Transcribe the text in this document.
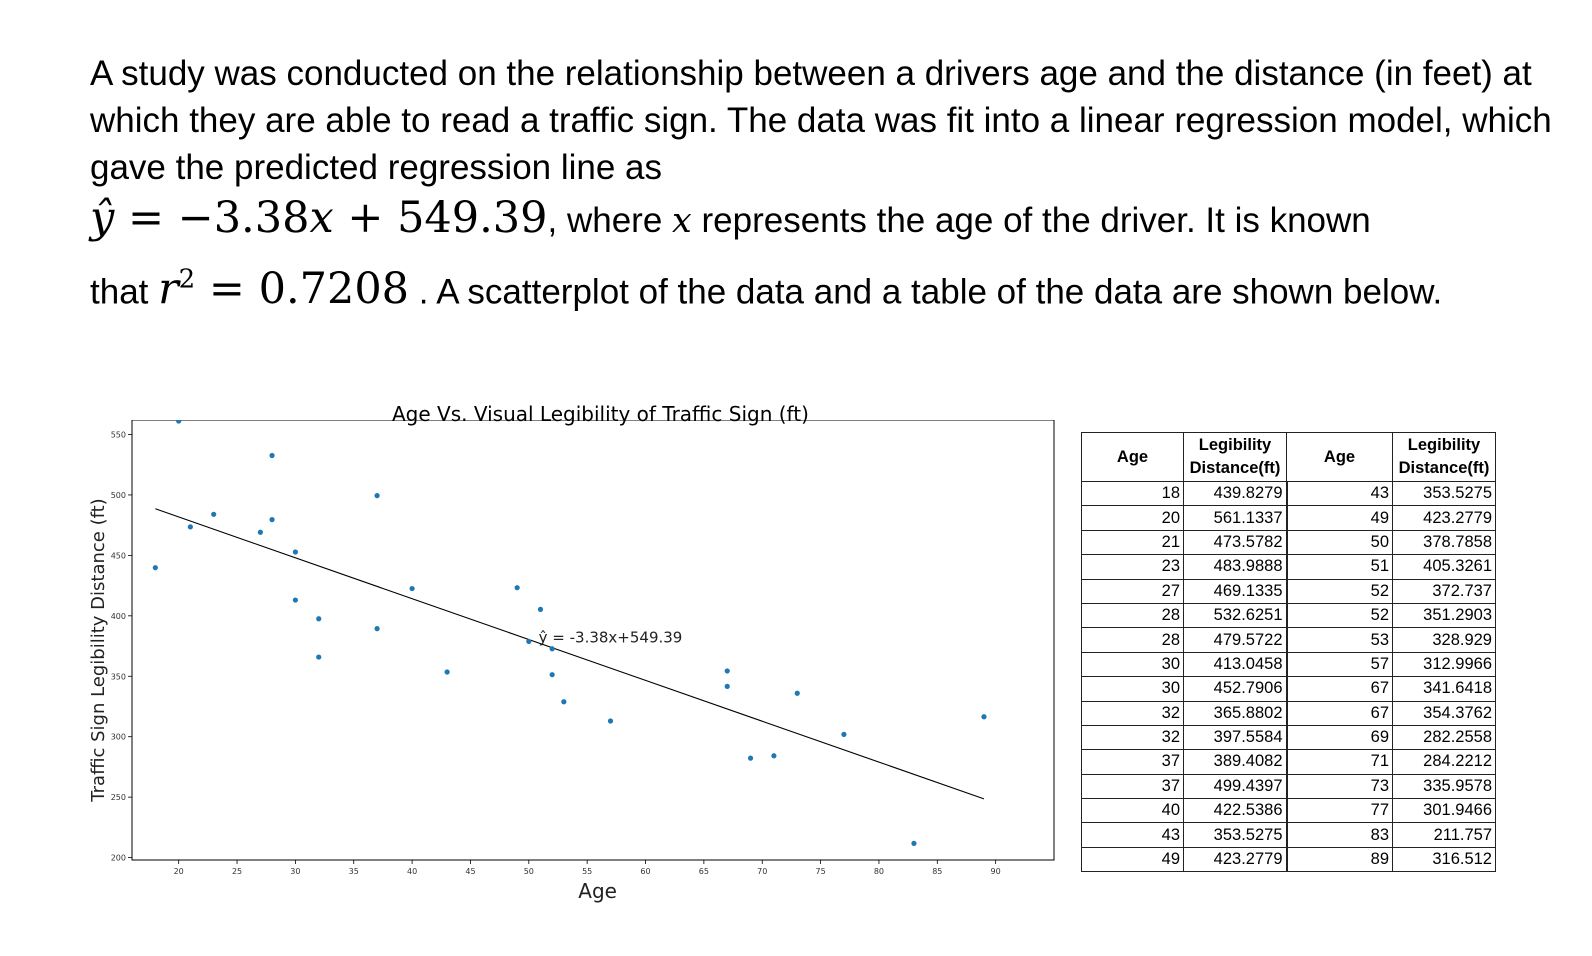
A study was conducted on the relationship between a drivers age and the distance (in feet) at which they are able to read a traffic sign. The data was fit into a linear regression model, which gave the predicted regression line as
ŷ = −3.38x + 549.39, where x represents the age of the driver. It is known
that $r^2 = 0.7208$ . A scatterplot of the data and a table of the data are shown below.
Age Vs. Visual Legibility of Traffic Sign (ft)
20	25	30	35	40	45	50	55	60	65	70	75	80	85	90
200
250
300
350
400
450
500
550
ŷ = -3.38x+549.39
Age
Traffic Sign Legibility Distance (ft)
Age	Legibility Distance(ft)	Age	Legibility Distance(ft)
18	439.8279	43	353.5275
20	561.1337	49	423.2779
21	473.5782	50	378.7858
23	483.9888	51	405.3261
27	469.1335	52	372.737
28	532.6251	52	351.2903
28	479.5722	53	328.929
30	413.0458	57	312.9966
30	452.7906	67	341.6418
32	365.8802	67	354.3762
32	397.5584	69	282.2558
37	389.4082	71	284.2212
37	499.4397	73	335.9578
40	422.5386	77	301.9466
43	353.5275	83	211.757
49	423.2779	89	316.512
